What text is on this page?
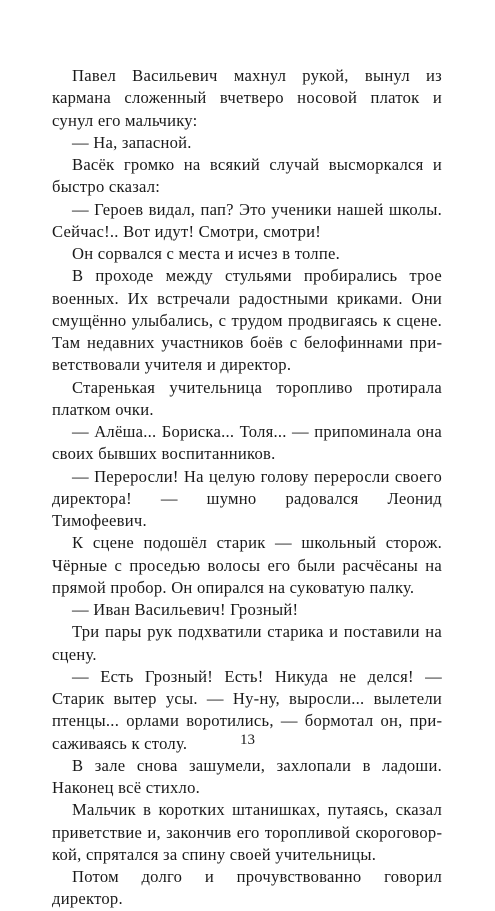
Павел Васильевич махнул рукой, вынул из кармана сложенный вчетверо носовой платок и сунул его мальчику:

— На, запасной.

Васёк громко на всякий случай высморкался и быстро сказал:

— Героев видал, пап? Это ученики нашей школы. Сейчас!.. Вот идут! Смотри, смотри!

Он сорвался с места и исчез в толпе.

В проходе между стульями пробирались трое военных. Их встречали радостными криками. Они смущённо улыбались, с трудом продвигаясь к сцене. Там недавних участников боёв с белофиннами приветствовали учителя и директор.

Старенькая учительница торопливо протирала платком очки.

— Алёша... Бориска... Толя... — припоминала она своих бывших воспитанников.

— Переросли! На целую голову переросли своего директора! — шумно радовался Леонид Тимофеевич.

К сцене подошёл старик — школьный сторож. Чёрные с проседью волосы его были расчёсаны на прямой пробор. Он опирался на суковатую палку.

— Иван Васильевич! Грозный!

Три пары рук подхватили старика и поставили на сцену.

— Есть Грозный! Есть! Никуда не делся! — Старик вытер усы. — Ну-ну, выросли... вылетели птенцы... орлами воротились, — бормотал он, присаживаясь к столу.

В зале снова зашумели, захлопали в ладоши. Наконец всё стихло.

Мальчик в коротких штанишках, путаясь, сказал приветствие и, закончив его торопливой скороговоркой, спрятался за спину своей учительницы.

Потом долго и прочувствованно говорил директор.

13
